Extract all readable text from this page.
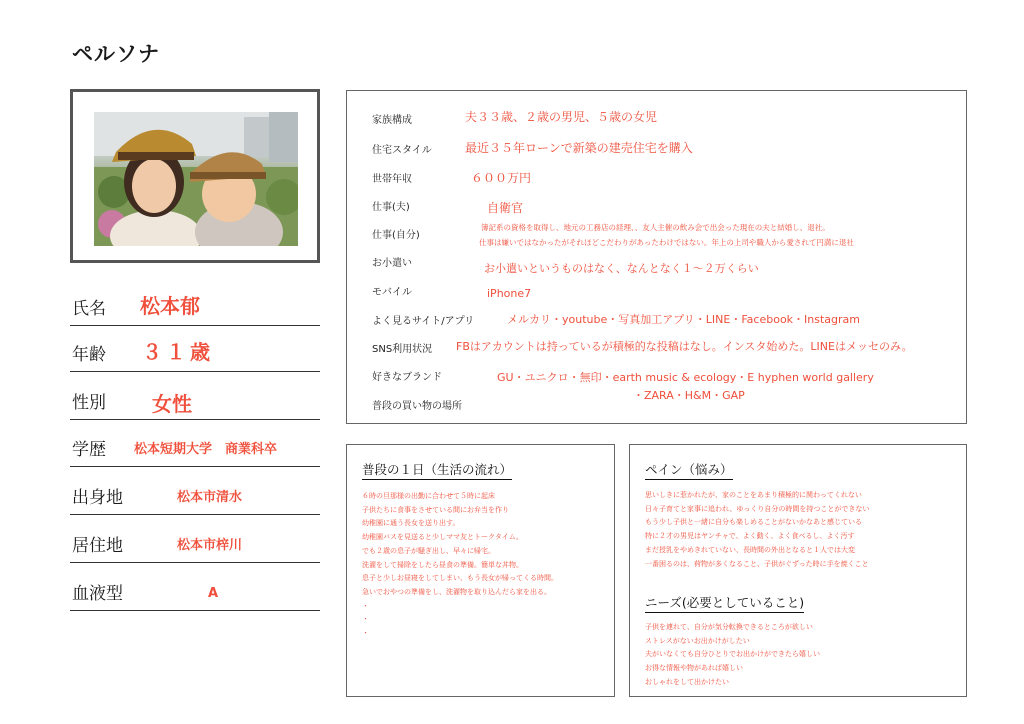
ペルソナ
氏名 松本郁
年齢 ３１歳
性別 女性
学歴 松本短期大学　商業科卒
出身地	松本市清水
居住地	松本市梓川
血液型	A
家族構成	夫３３歳、２歳の男児、５歳の女児
住宅スタイル	最近３５年ローンで新築の建売住宅を購入
世帯年収	６００万円
仕事(夫)	自衛官
仕事(自分)
簿記系の資格を取得し、地元の工務店の経理、、友人主催の飲み会で出会った現在の夫と結婚し、退社。
仕事は嫌いではなかったがそれほどこだわりがあったわけではない。年上の上司や職人から愛されて円満に退社
お小遣い	お小遣いというものはなく、なんとなく１～２万くらい
モバイル	iPhone7
よく見るサイト/アプリ	メルカリ・youtube・写真加工アプリ・LINE・Facebook・Instagram
SNS利用状況 FBはアカウントは持っているが積極的な投稿はなし。インスタ始めた。LINEはメッセのみ。
好きなブランド	GU・ユニクロ・無印・earth music & ecology・E hyphen world gallery
・ZARA・H&M・GAP
普段の買い物の場所
普段の１日（生活の流れ）
６時の旦那様の出勤に合わせて５時に起床
子供たちに食事をさせている間にお弁当を作り
幼稚園に通う長女を送り出す。
幼稚園バスを見送ると少しママ友とトークタイム。
でも２歳の息子が騒ぎ出し、早々に帰宅。
洗濯をして掃除をしたら昼食の準備。簡単な丼物。
息子と少しお昼寝をしてしまい、もう長女が帰ってくる時間。
急いでおやつの準備をし、洗濯物を取り込んだら家を出る。
・
・
・
ペイン（悩み）
思いしきに惹かれたが、家のことをあまり積極的に関わってくれない
日々子育てと家事に追われ、ゆっくり自分の時間を持つことができない
もう少し子供と一緒に自分も楽しめることがないかなあと感じている
特に２才の男児はヤンチャで、よく動く、よく食べるし、よく汚す
まだ授乳をやめきれていない、長時間の外出となると１人では大変
一番困るのは、荷物が多くなること、子供がぐずった時に手を焼くこと
ニーズ(必要としていること)
子供を連れて、自分が気分転換できるところが欲しい
ストレスがないお出かけがしたい
夫がいなくても自分ひとりでお出かけができたら嬉しい
お得な情報や物があれば嬉しい
おしゃれをして出かけたい
